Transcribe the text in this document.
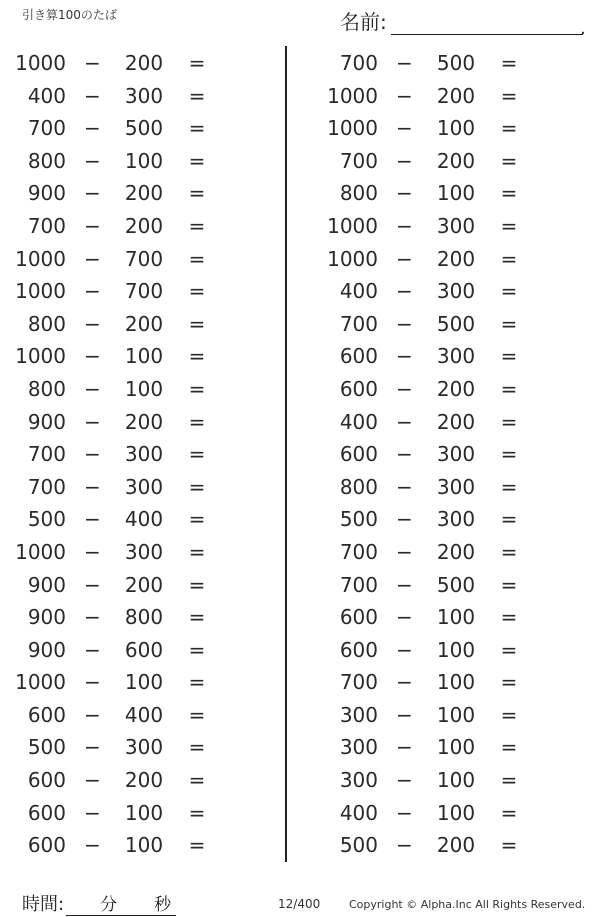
引き算100のたば	名前:
.
1000 −	200	=
400 −	300	=
700 −	500	=
800 −	100	=
900 −	200	=
700 −	200	=
1000 −	700	=
1000 −	700	=
800 −	200	=
1000 −	100	=
800 −	100	=
900 −	200	=
700 −	300	=
700 −	300	=
500 −	400	=
1000 −	300	=
900 −	200	=
900 −	800	=
900 −	600	=
1000 −	100	=
600 −	400	=
500 −	300	=
600 −	200	=
600 −	100	=
600 −	100	=
700 −	500	=
1000 −	200	=
1000 −	100	=
700 −	200	=
800 −	100	=
1000 −	300	=
1000 −	200	=
400 −	300	=
700 −	500	=
600 −	300	=
600 −	200	=
400 −	200	=
600 −	300	=
800 −	300	=
500 −	300	=
700 −	200	=
700 −	500	=
600 −	100	=
600 −	100	=
700 −	100	=
300 −	100	=
300 −	100	=
300 −	100	=
400 −	100	=
500 −	200	=
時間: 分 秒	12/400	Copyright © Alpha.Inc All Rights Reserved.
